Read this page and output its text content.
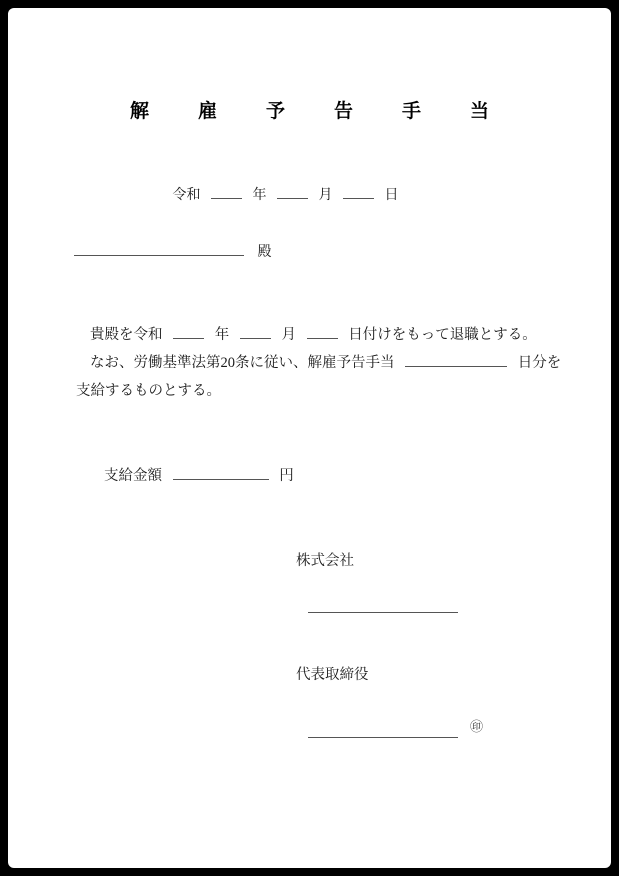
解　雇　予　告　手　当
令和	年	月	日
殿
貴殿を令和	年	月	日付けをもって退職とする。
なお、労働基準法第20条に従い、解雇予告手当	日分を
支給するものとする。
支給金額	円
株式会社
代表取締役
㊞
